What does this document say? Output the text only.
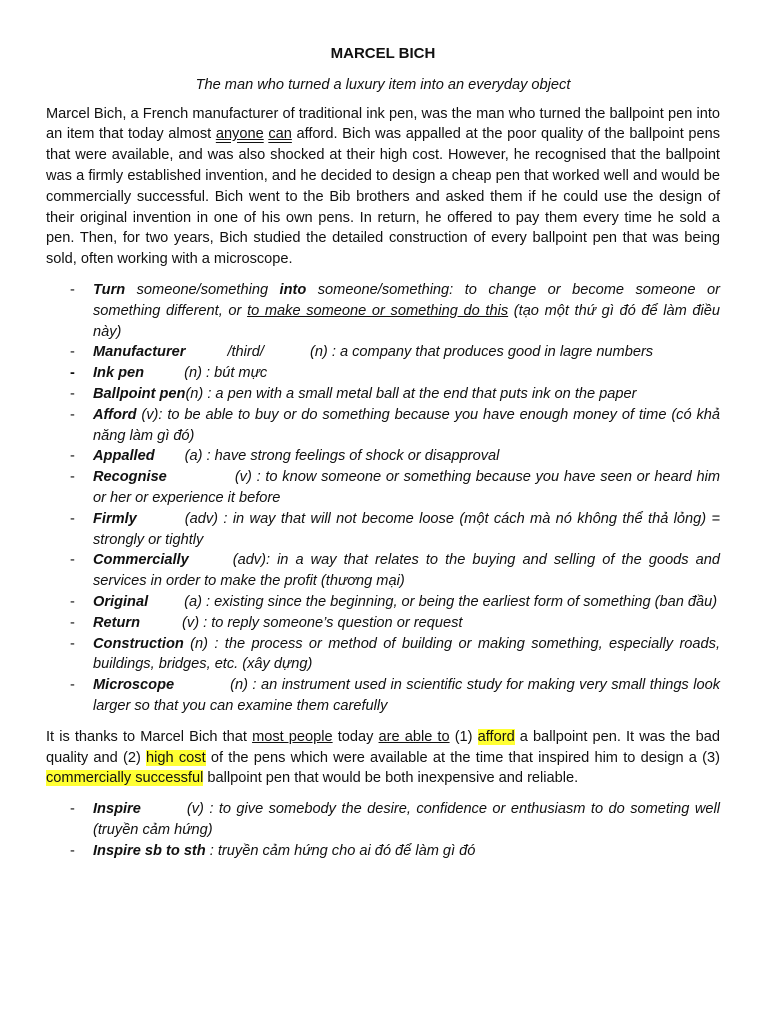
MARCEL BICH
The man who turned a luxury item into an everyday object

Marcel Bich, a French manufacturer of traditional ink pen, was the man who turned the ballpoint pen into an item that today almost anyone can afford. Bich was appalled at the poor quality of the ballpoint pens that were available, and was also shocked at their high cost. However, he recognised that the ballpoint was a firmly established invention, and he decided to design a cheap pen that worked well and would be commercially successful. Bich went to the Bib brothers and asked them if he could use the design of their original invention in one of his own pens. In return, he offered to pay them every time he sold a pen. Then, for two years, Bich studied the detailed construction of every ballpoint pen that was being sold, often working with a microscope.

- Turn someone/something into someone/something: to change or become someone or something different, or to make someone or something do this (tạo một thứ gì đó để làm điều này)
- Manufacturer	/third/	(n) : a company that produces good in lagre numbers
- Ink pen	(n) : bút mực
- Ballpoint pen(n) : a pen with a small metal ball at the end that puts ink on the paper
- Afford (v): to be able to buy or do something because you have enough money of time (có khả năng làm gì đó)
- Appalled (a) : have strong feelings of shock or disapproval
- Recognise	(v) : to know someone or something because you have seen or heard him or her or experience it before
- Firmly	(adv) : in way that will not become loose (một cách mà nó không thể thả lỏng) = strongly or tightly
- Commercially	(adv): in a way that relates to the buying and selling of the goods and services in order to make the profit (thương mại)
- Original (a) : existing since the beginning, or being the earliest form of something (ban đầu)
- Return	(v) : to reply someone’s question or request
- Construction (n) : the process or method of building or making something, especially roads, buildings, bridges, etc. (xây dựng)
- Microscope	(n) : an instrument used in scientific study for making very small things look larger so that you can examine them carefully

It is thanks to Marcel Bich that most people today are able to (1) afford a ballpoint pen. It was the bad quality and (2) high cost of the pens which were available at the time that inspired him to design a (3) commercially successful ballpoint pen that would be both inexpensive and reliable.

- Inspire	(v) : to give somebody the desire, confidence or enthusiasm to do someting well (truyền cảm hứng)
- Inspire sb to sth : truyền cảm hứng cho ai đó để làm gì đó
